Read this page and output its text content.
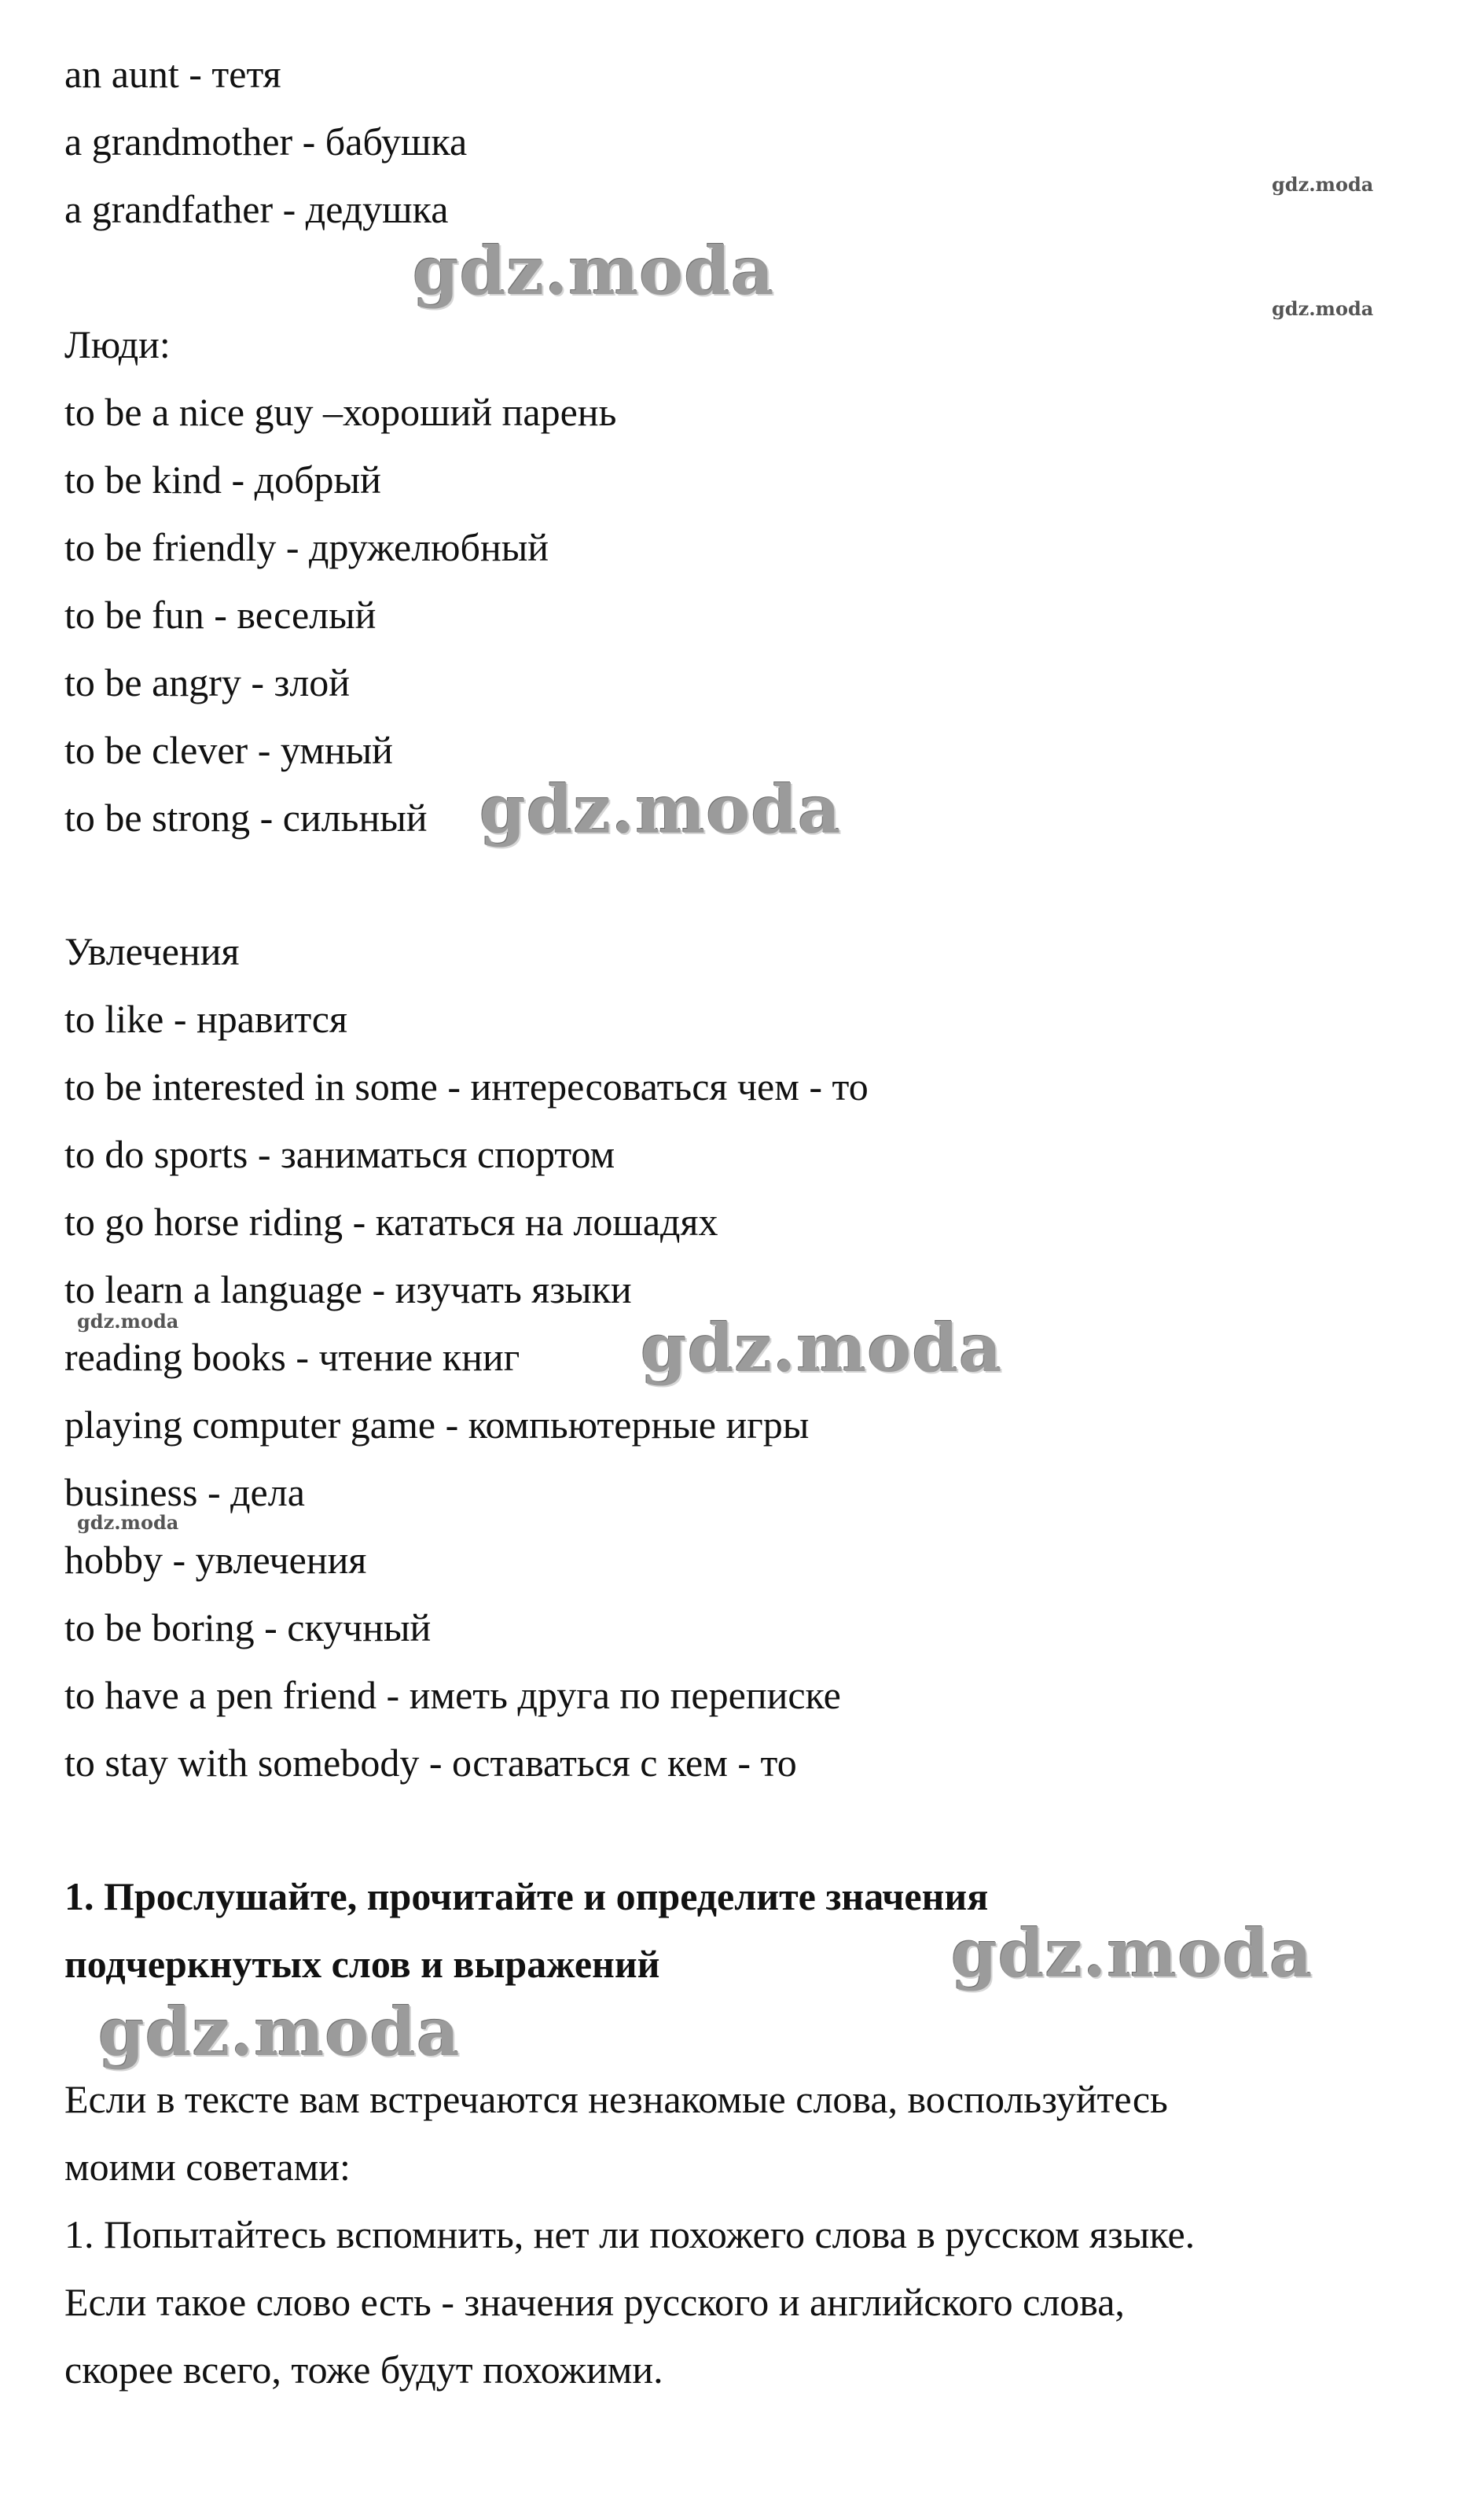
an aunt - тетя
a grandmother - бабушка
a grandfather - дедушка
Люди:
to be a nice guy –хороший парень
to be kind - добрый
to be friendly - дружелюбный
to be fun - веселый
to be angry - злой
to be clever - умный
to be strong - сильный
Увлечения
to like - нравится
to be interested in some - интересоваться чем - то
to do sports - заниматься спортом
to go horse riding - кататься на лошадях
to learn a language - изучать языки
reading books - чтение книг
playing computer game - компьютерные игры
business - дела
hobby - увлечения
to be boring - скучный
to have a pen friend - иметь друга по переписке
to stay with somebody - оставаться с кем - то
1. Прослушайте, прочитайте и определите значения
подчеркнутых слов и выражений
Если в тексте вам встречаются незнакомые слова, воспользуйтесь
моими советами:
1. Попытайтесь вспомнить, нет ли похожего слова в русском языке.
Если такое слово есть - значения русского и английского слова,
скорее всего, тоже будут похожими.
gdz.moda
gdz.moda
gdz.moda
gdz.moda
gdz.moda
gdz.moda
gdz.moda
gdz.moda
gdz.moda
